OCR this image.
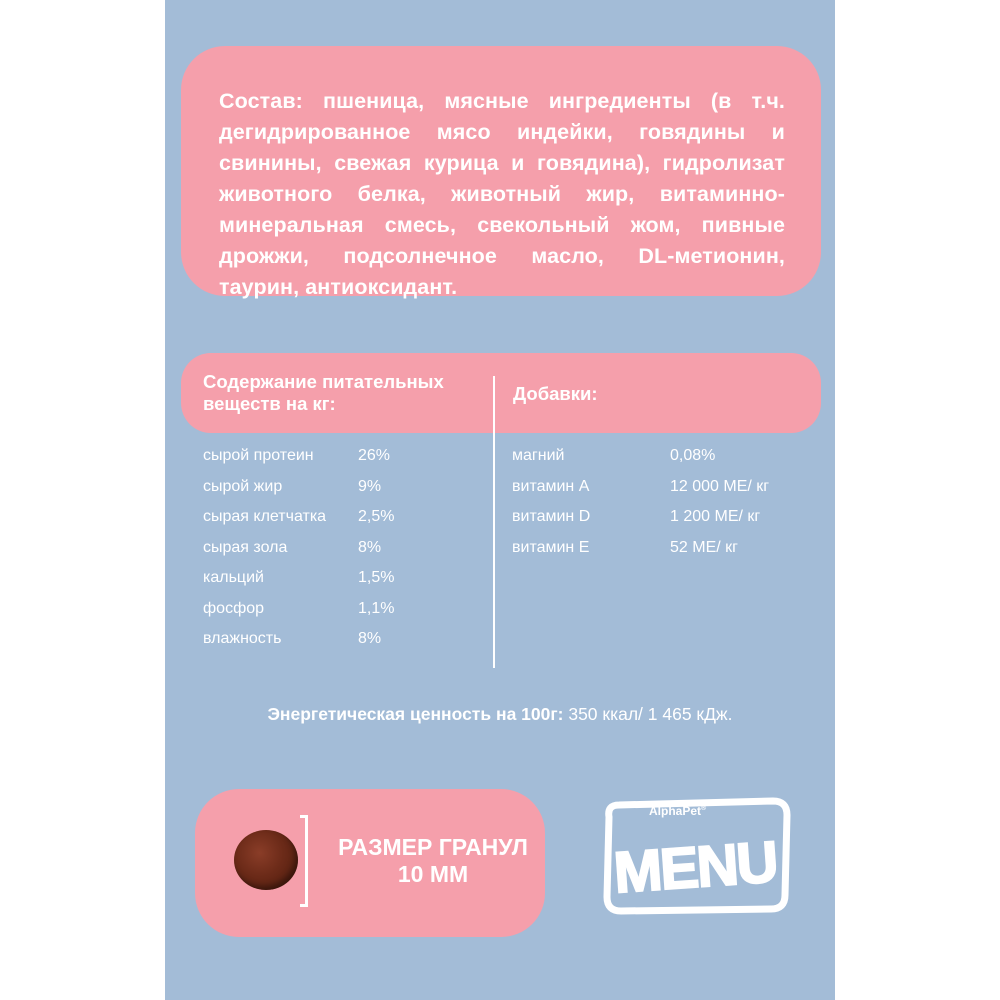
Состав: пшеница, мясные ингредиенты (в т.ч. дегидрированное мясо индейки, говядины и свинины, свежая курица и говядина), гидролизат животного белка, животный жир, витаминно-минеральная смесь, свекольный жом, пивные дрожжи, подсолнечное масло, DL-метионин, таурин, антиоксидант.

Содержание питательных веществ на кг:	Добавки:
сырой протеин	26%
сырой жир	9%
сырая клетчатка	2,5%
сырая зола	8%
кальций	1,5%
фосфор	1,1%
влажность	8%
магний	0,08%
витамин А	12 000 МЕ/ кг
витамин D	1 200 МЕ/ кг
витамин Е	52 МЕ/ кг
Энергетическая ценность на 100г: 350 ккал/ 1 465 кДж.
РАЗМЕР ГРАНУЛ
10 ММ
AlphaPet®
MENU
